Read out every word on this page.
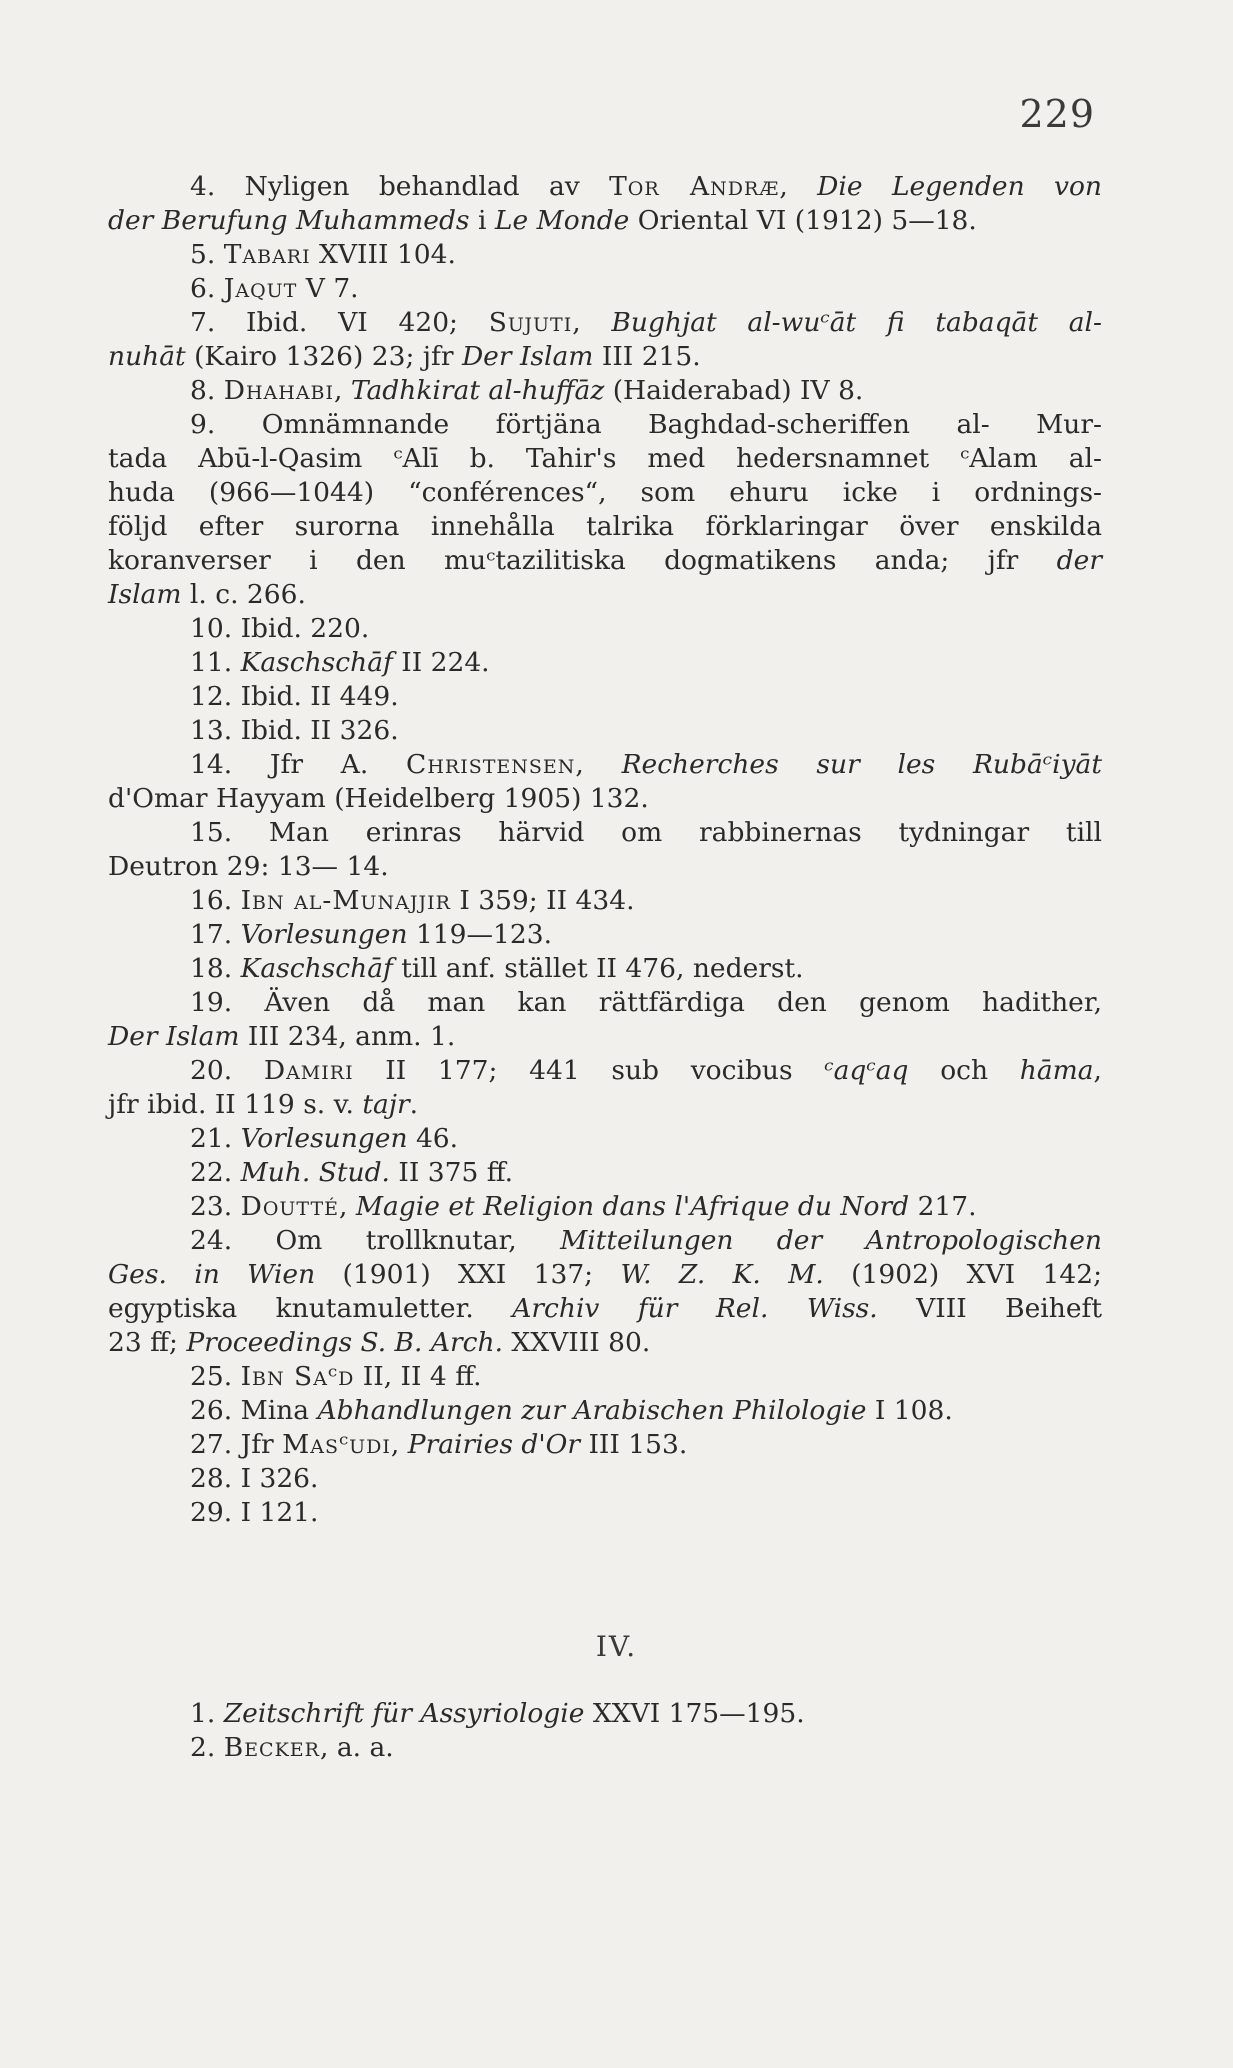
229
4. Nyligen behandlad av Tor Andræ, Die Legenden von
der Berufung Muhammeds i Le Monde Oriental VI (1912) 5—18.
5. Tabari XVIII 104.
6. Jaqut V 7.
7. Ibid. VI 420; Sujuti, Bughjat al-wuᶜāt fi tabaqāt al-
nuhāt (Kairo 1326) 23; jfr Der Islam III 215.
8. Dhahabi, Tadhkirat al-huffāz (Haiderabad) IV 8.
9. Omnämnande förtjäna Baghdad-scheriffen al- Mur-
tada Abū-l-Qasim ᶜAlī b. Tahir's med hedersnamnet ᶜAlam al-
huda (966—1044) “conférences“, som ehuru icke i ordnings-
följd efter surorna innehålla talrika förklaringar över enskilda
koranverser i den muᶜtazilitiska dogmatikens anda; jfr der
Islam l. c. 266.
10. Ibid. 220.
11. Kaschschāf II 224.
12. Ibid. II 449.
13. Ibid. II 326.
14. Jfr A. Christensen, Recherches sur les Rubāᶜiyāt
d'Omar Hayyam (Heidelberg 1905) 132.
15. Man erinras härvid om rabbinernas tydningar till
Deutron 29: 13— 14.
16. Ibn al-Munajjir I 359; II 434.
17. Vorlesungen 119—123.
18. Kaschschāf till anf. stället II 476, nederst.
19. Även då man kan rättfärdiga den genom hadither,
Der Islam III 234, anm. 1.
20. Damiri II 177; 441 sub vocibus ᶜaqᶜaq och hāma,
jfr ibid. II 119 s. v. tajr.
21. Vorlesungen 46.
22. Muh. Stud. II 375 ff.
23. Doutté, Magie et Religion dans l'Afrique du Nord 217.
24. Om trollknutar, Mitteilungen der Antropologischen
Ges. in Wien (1901) XXI 137; W. Z. K. M. (1902) XVI 142;
egyptiska knutamuletter. Archiv für Rel. Wiss. VIII Beiheft
23 ff; Proceedings S. B. Arch. XXVIII 80.
25. Ibn Saᶜd II, II 4 ff.
26. Mina Abhandlungen zur Arabischen Philologie I 108.
27. Jfr Masᶜudi, Prairies d'Or III 153.
28. I 326.
29. I 121.
IV.
1. Zeitschrift für Assyriologie XXVI 175—195.
2. Becker, a. a.
